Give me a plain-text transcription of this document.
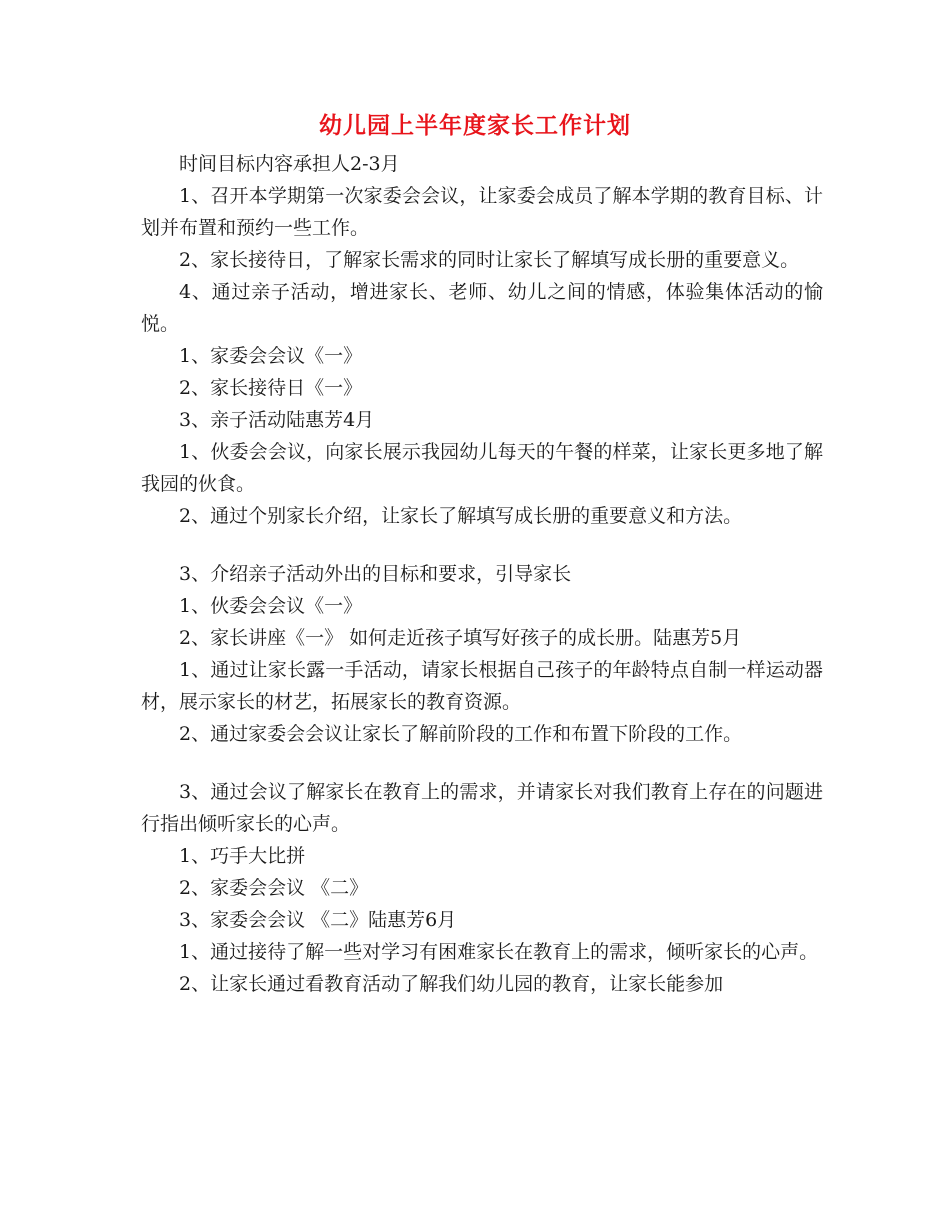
幼儿园上半年度家长工作计划

时间目标内容承担人2-3月

1、召开本学期第一次家委会会议，让家委会成员了解本学期的教育目标、计划并布置和预约一些工作。

2、家长接待日，了解家长需求的同时让家长了解填写成长册的重要意义。

4、通过亲子活动，增进家长、老师、幼儿之间的情感，体验集体活动的愉悦。

1、家委会会议《一》

2、家长接待日《一》

3、亲子活动陆惠芳4月

1、伙委会会议，向家长展示我园幼儿每天的午餐的样菜，让家长更多地了解我园的伙食。

2、通过个别家长介绍，让家长了解填写成长册的重要意义和方法。

3、介绍亲子活动外出的目标和要求，引导家长

1、伙委会会议《一》

2、家长讲座《一》 如何走近孩子填写好孩子的成长册。陆惠芳5月

1、通过让家长露一手活动，请家长根据自己孩子的年龄特点自制一样运动器材，展示家长的材艺，拓展家长的教育资源。

2、通过家委会会议让家长了解前阶段的工作和布置下阶段的工作。

3、通过会议了解家长在教育上的需求，并请家长对我们教育上存在的问题进行指出倾听家长的心声。

1、巧手大比拼

2、家委会会议 《二》

3、家委会会议 《二》陆惠芳6月

1、通过接待了解一些对学习有困难家长在教育上的需求，倾听家长的心声。

2、让家长通过看教育活动了解我们幼儿园的教育，让家长能参加
